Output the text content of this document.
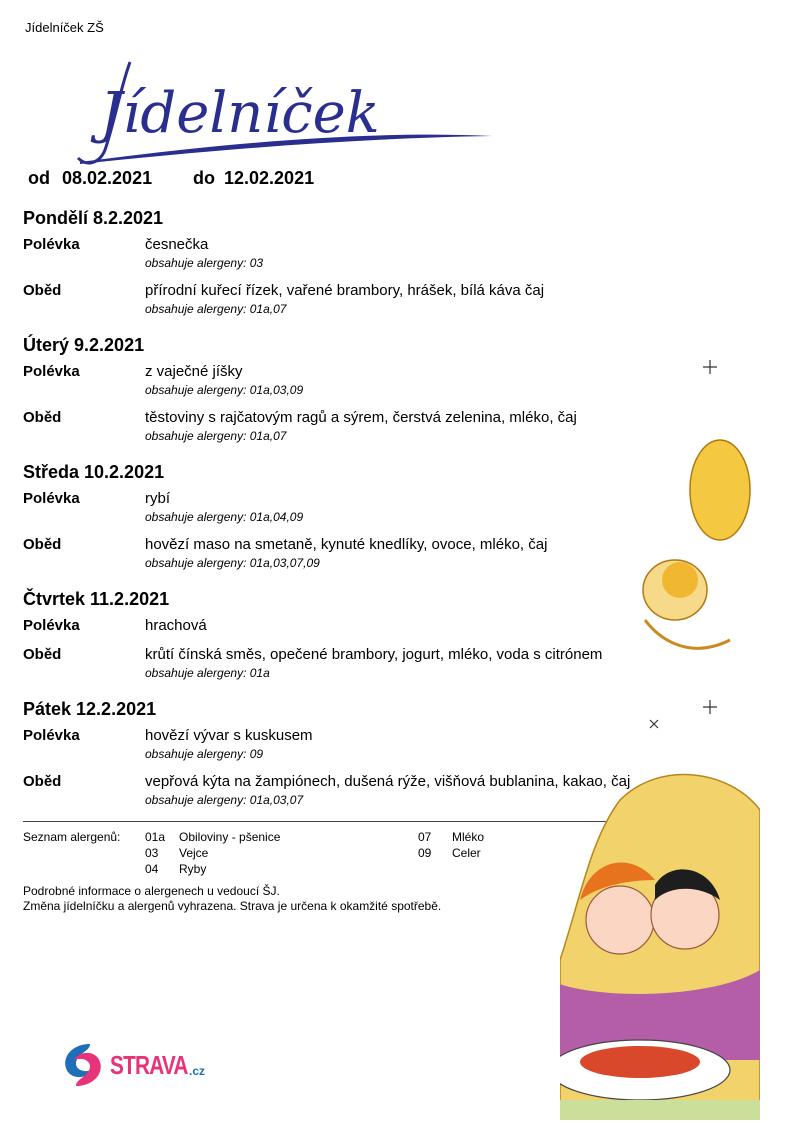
Jídelníček ZŠ
Jídelníček
od 08.02.2021 do 12.02.2021
Pondělí 8.2.2021
Polévka	česnečka
obsahuje alergeny: 03
Oběd	přírodní kuřecí řízek, vařené brambory, hrášek, bílá káva čaj
obsahuje alergeny: 01a,07
Úterý 9.2.2021
Polévka	z vaječné jíšky
obsahuje alergeny: 01a,03,09
Oběd	těstoviny s rajčatovým ragů a sýrem, čerstvá zelenina, mléko, čaj
obsahuje alergeny: 01a,07
Středa 10.2.2021
Polévka	rybí
obsahuje alergeny: 01a,04,09
Oběd	hovězí maso na smetaně, kynuté knedlíky, ovoce, mléko, čaj
obsahuje alergeny: 01a,03,07,09
Čtvrtek 11.2.2021
Polévka	hrachová
Oběd	krůtí čínská směs, opečené brambory, jogurt, mléko, voda s citrónem
obsahuje alergeny: 01a
Pátek 12.2.2021
Polévka	hovězí vývar s kuskusem
obsahuje alergeny: 09
Oběd	vepřová kýta na žampiónech, dušená rýže, višňová bublanina, kakao, čaj
obsahuje alergeny: 01a,03,07
Seznam alergenů: 01a Obiloviny - pšenice
03 Vejce
04 Ryby
07 Mléko
09 Celer
Podrobné informace o alergenech u vedoucí ŠJ.
Změna jídelníčku a alergenů vyhrazena. Strava je určena k okamžité spotřebě.
STRAVA .cz
